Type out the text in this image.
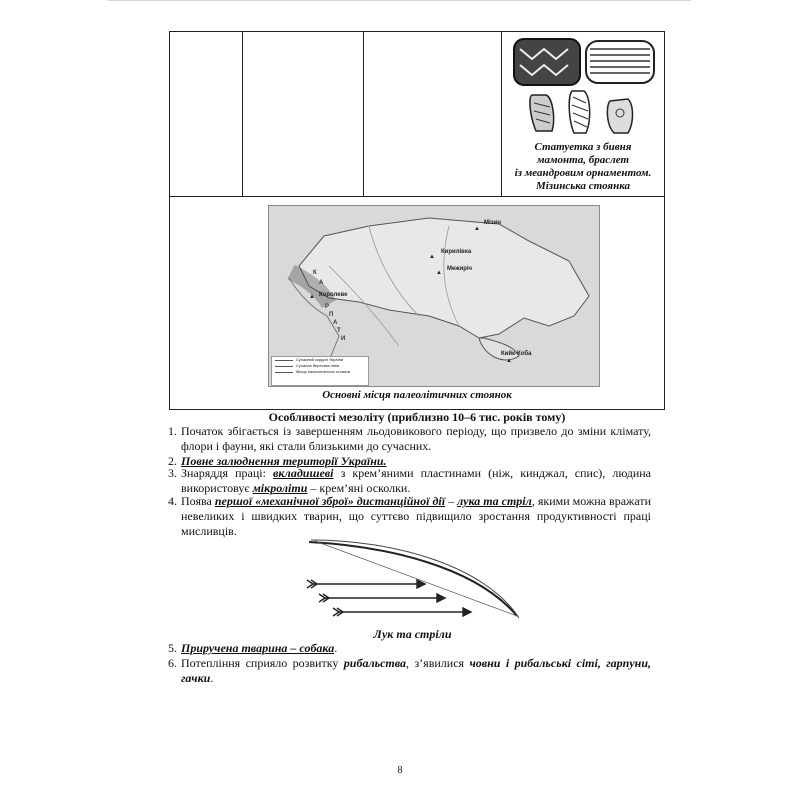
Статуетка з бивня
мамонта, браслет
із меандровим орнаментом.
Мізинська стоянка
Основні місця палеолітичних стоянок
Мізин
▲
Кирилівка
▲
Межиріч
▲
Королеве
▲
Кийк-Коба
▲
К
А
Р
П
А
Т
И
Сучасний кордон України
Сучасна берегова лінія
Місця палеолітичних стоянок
Особливості мезоліту (приблизно 10–6 тис. років тому)
1. Початок збігається із завершенням льодовикового періоду, що призвело до зміни клімату, флори і фауни, які стали близькими до сучасних.
2. Повне залюднення території України.
3. Знаряддя праці: вкладишеві з крем’яними пластинами (ніж, кинджал, спис), людина використовує мікроліти – крем’яні осколки.
4. Поява першої «механічної зброї» дистанційної дії – лука та стріл, якими можна вражати невеликих і швидких тварин, що суттєво підвищило зростання продуктивності праці мисливців.
Лук та стріли
5. Приручена тварина – собака.
6. Потепління сприяло розвитку рибальства, з’явилися човни і рибальські сіті, гарпуни, гачки.
8
